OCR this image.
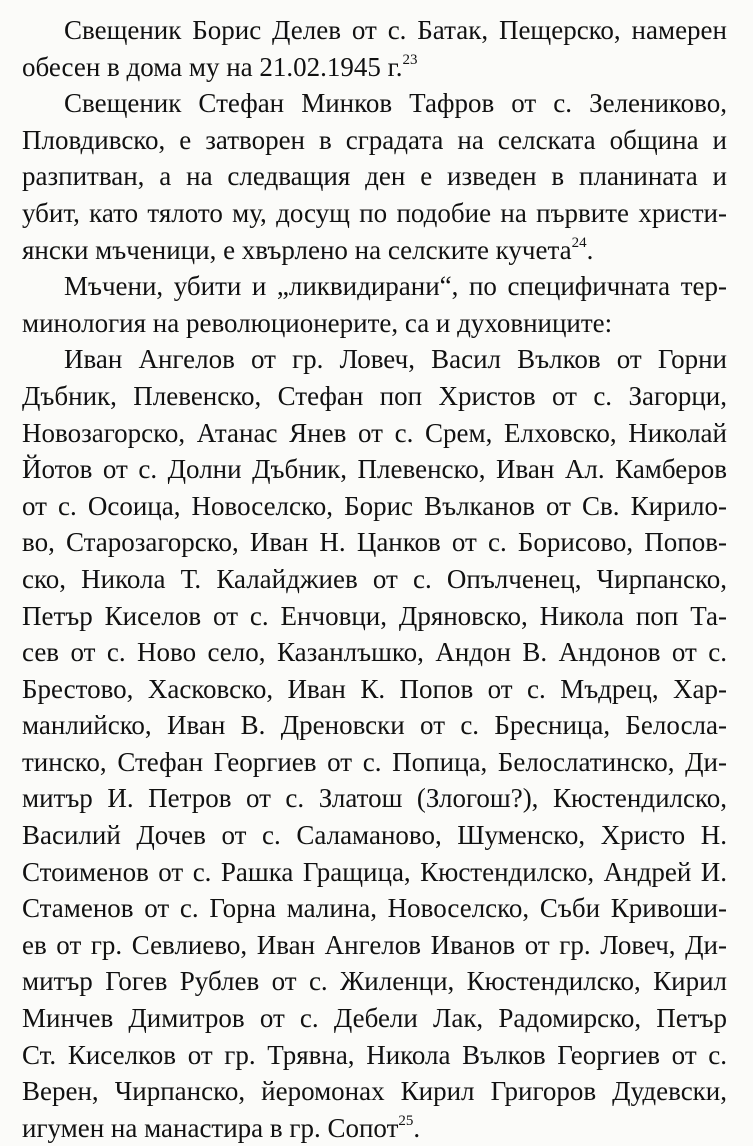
Свещеник Борис Делев от с. Батак, Пещерско, намерен
обесен в дома му на 21.02.1945 г.$^{23}$

Свещеник Стефан Минков Тафров от с. Зелениково,
Пловдивско, е затворен в сградата на селската община и
разпитван, а на следващия ден е изведен в планината и
убит, като тялото му, досущ по подобие на първите христи-
янски мъченици, е хвърлено на селските кучета$^{24}$.

Мъчени, убити и „ликвидирани“, по специфичната тер-
минология на революционерите, са и духовниците:

Иван Ангелов от гр. Ловеч, Васил Вълков от Горни
Дъбник, Плевенско, Стефан поп Христов от с. Загорци,
Новозагорско, Атанас Янев от с. Срем, Елховско, Николай
Йотов от с. Долни Дъбник, Плевенско, Иван Ал. Камберов
от с. Осоица, Новоселско, Борис Вълканов от Св. Кирило-
во, Старозагорско, Иван Н. Цанков от с. Борисово, Попов-
ско, Никола Т. Калайджиев от с. Опълченец, Чирпанско,
Петър Киселов от с. Енчовци, Дряновско, Никола поп Та-
сев от с. Ново село, Казанлъшко, Андон В. Андонов от с.
Брестово, Хасковско, Иван К. Попов от с. Мъдрец, Хар-
манлийско, Иван В. Дреновски от с. Бресница, Белосла-
тинско, Стефан Георгиев от с. Попица, Белослатинско, Ди-
митър И. Петров от с. Златош (Злогош?), Кюстендилско,
Василий Дочев от с. Саламаново, Шуменско, Христо Н.
Стоименов от с. Рашка Гращица, Кюстендилско, Андрей И.
Стаменов от с. Горна малина, Новоселско, Съби Кривоши-
ев от гр. Севлиево, Иван Ангелов Иванов от гр. Ловеч, Ди-
митър Гогев Рублев от с. Жиленци, Кюстендилско, Кирил
Минчев Димитров от с. Дебели Лак, Радомирско, Петър
Ст. Киселков от гр. Трявна, Никола Вълков Георгиев от с.
Верен, Чирпанско, йеромонах Кирил Григоров Дудевски,
игумен на манастира в гр. Сопот$^{25}$.
